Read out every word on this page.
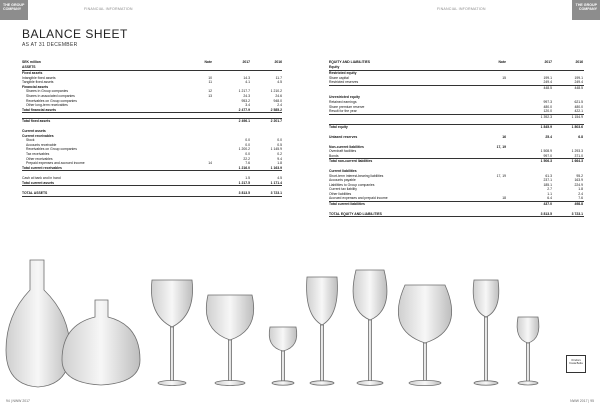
THE GROUP COMPANY
THE GROUP COMPANY
FINANCIAL INFORMATION	FINANCIAL INFORMATION
BALANCE SHEET
AS AT 31 DECEMBER
SEK million
ASSETS
Note	2017	2016
Fixed assets
Intangible fixed assets	10	14.3	11.7
Tangible fixed assets	11	4.1	4.5
Financial assets
Shares in Group companies	12	1 217.7	1 210.2
Shares in associated companies	13	24.3	24.6
Receivables on Group companies	953.2	948.0
Other long-term receivables	3.4	2.4
Total financial assets	2 477.9	2 585.2
Total fixed assets	2 496.1	2 201.7
Current assets
Current receivables
Stock	0.0	0.0
Accounts receivable	0.0	0.5
Receivables on Group companies	1 200.2	1 145.9
Tax receivables	0.0	0.2
Other receivables	22.2	9.4
Prepaid expenses and accrued income	14	7.6	1.8
Total current receivables	1 216.0	1 163.9
Cash at bank and in hand	1.5	4.5
Total current assets	1 217.5	1 171.4
TOTAL ASSETS	3 813.5	3 723.1
EQUITY AND LIABILITIES
Equity
Note	2017	2016
Restricted equity
Share capital	15	199.1	199.1
Restricted reserves	249.4	249.4
448.5	448.5
Unrestricted equity
Retained earnings	997.3	621.5
Share premium reserve	480.0	480.0
Result for the year	120.0	422.1
1 392.3	1 154.9
Total equity	1 845.9	1 803.6
Untaxed reserves	16	25.4	6.8
Non-current liabilities	17, 19
Overdraft facilities	1 508.9	1 293.3
Bonds	997.0	371.0
Total non-current liabilities	1 506.3	1 664.3
Current liabilities
Short-term interest-bearing liabilities	17, 19	61.3	95.2
Accounts payable	237.1	163.9
Liabilities to Group companies	185.1	224.9
Current tax liability	2.7	1.8
Other liabilities	1.1	2.4
Accrued expenses and prepaid income	18	6.4	7.6
Total current liabilities	437.0	498.8
TOTAL EQUITY AND LIABILITIES	3 813.5	3 723.1
Orrefors
Kosta Boda
94 | NWW 2017	NWW 2017 | 95
